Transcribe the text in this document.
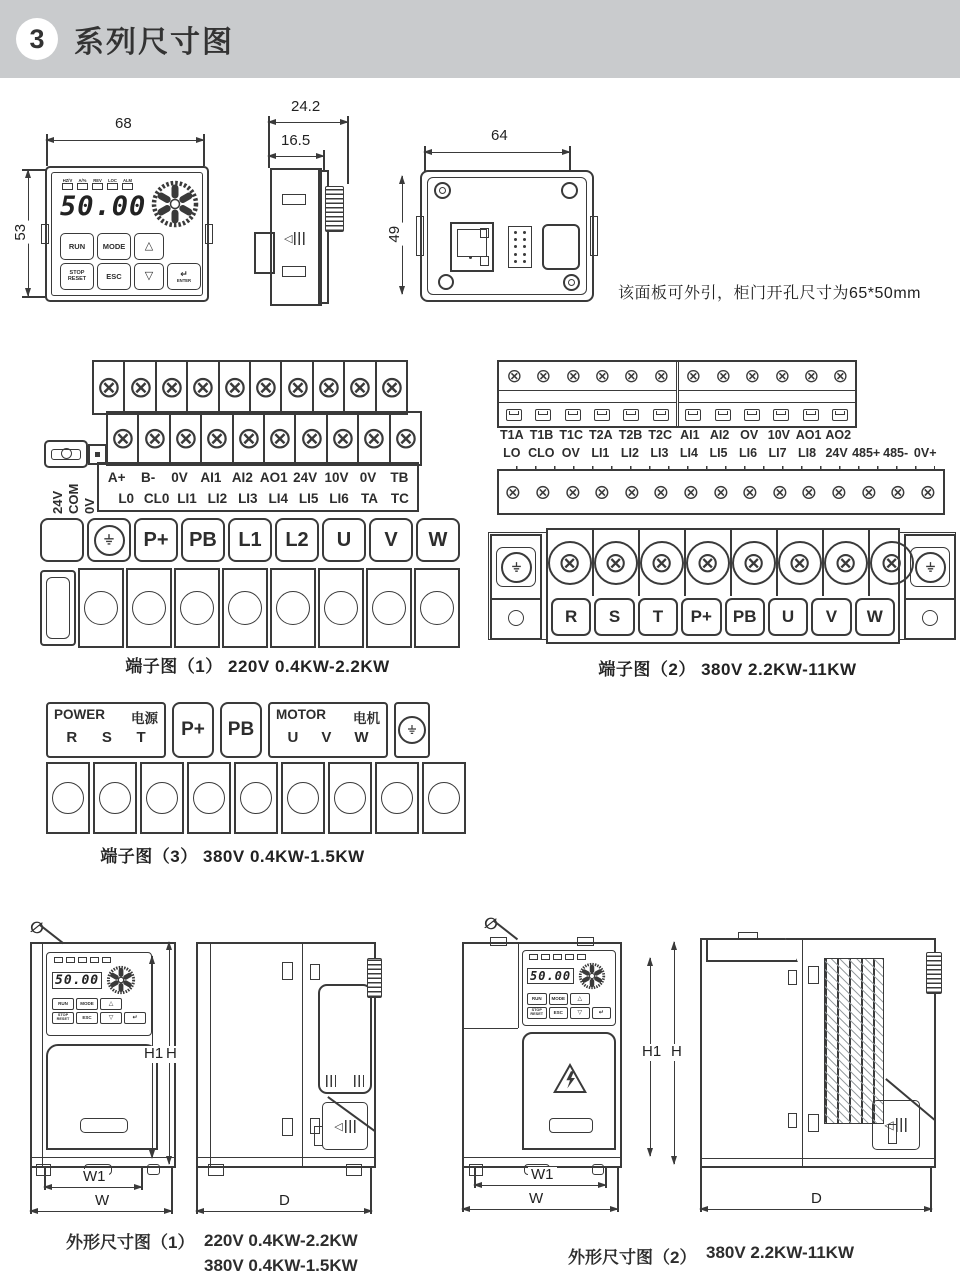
3 系列尺寸图
68
53
HZ/V	A/%	REV LOC ALM
50.00
RUN MODE △
STOP RESET	ESC ▽	↵
ENTER
24.2
16.5
◁
64
49
该面板可外引，柜门开孔尺寸为65*50mm
⊕
⊕
⊕
⊕
⊕
⊕
⊕
⊕
⊕
⊕
⊕
⊕
⊕
⊕
⊕
⊕
⊕
⊕
⊕
⊕
A+	B-	0V AI1 AI2 AO1 24V 10V 0V	TB
L0 CL0 LI1 LI2 LI3 LI4 LI5 LI6 TA TC
24V COM 0V
P+ PB L1 L2 U V W
端子图（1） 220V 0.4KW-2.2KW
⊕ ⊕ ⊕ ⊕ ⊕ ⊕ ⊕ ⊕ ⊕ ⊕ ⊕ ⊕
T1A T1B T1C T2A T2B T2C AI1 AI2 OV 10V AO1 AO2
LO CLO OV LI1 LI2 LI3 LI4 LI5 LI6 LI7 LI8 24V 485+ 485- 0V+
⊕ ⊕ ⊕ ⊕ ⊕ ⊕ ⊕ ⊕ ⊕ ⊕ ⊕ ⊕ ⊕ ⊕ ⊕
⊕ ⊕ ⊕ ⊕ ⊕ ⊕ ⊕ ⊕
R S T P+ PB U V W
端子图（2） 380V 2.2KW-11KW
POWER 电源
R S T P+ PB
MOTOR 电机
U V W
端子图（3） 380V 0.4KW-1.5KW
∅
50.00
RUN	MODE	△
STOP RESET	ESC	▽	↵
H1 H
W1
W
◁
D
外形尺寸图（1） 220V 0.4KW-2.2KW
380V 0.4KW-1.5KW
∅
50.00
RUN	MODE	△
STOP RESET	ESC	▽	↵
H1 H
W1
W
◁
D
外形尺寸图（2） 380V 2.2KW-11KW
